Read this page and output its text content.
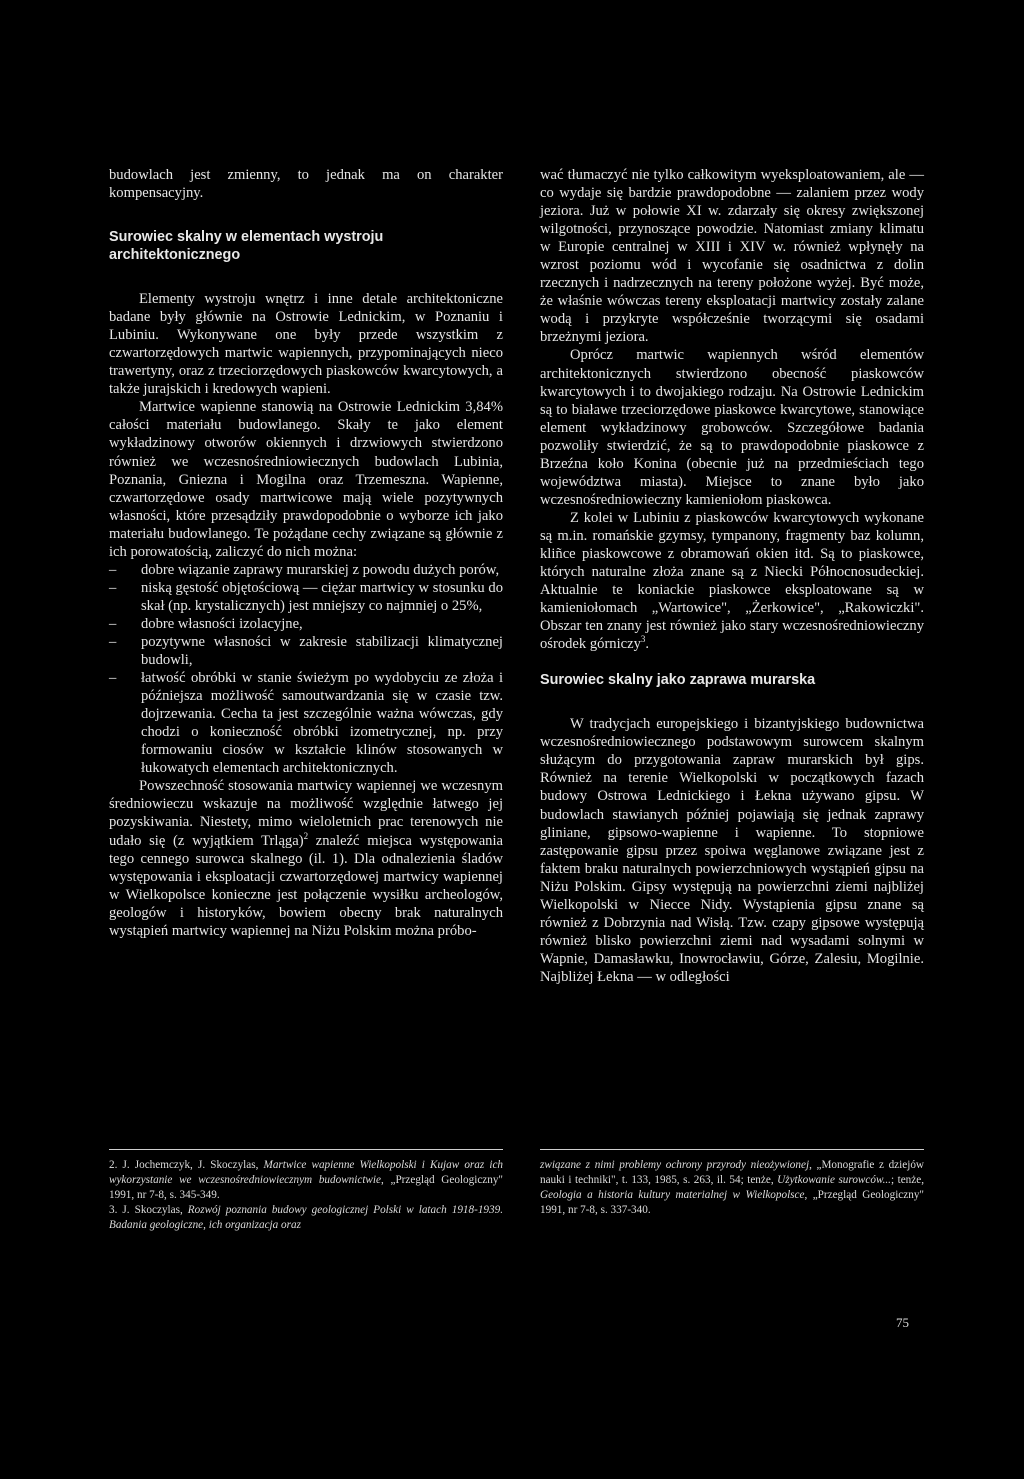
budowlach jest zmienny, to jednak ma on charakter kompensacyjny.

Surowiec skalny w elementach wystroju architektonicznego

Elementy wystroju wnętrz i inne detale architektoniczne badane były głównie na Ostrowie Lednickim, w Poznaniu i Lubiniu. Wykonywane one były przede wszystkim z czwartorzędowych martwic wapiennych, przypominających nieco trawertyny, oraz z trzeciorzędowych piaskowców kwarcytowych, a także jurajskich i kredowych wapieni.

Martwice wapienne stanowią na Ostrowie Lednickim 3,84% całości materiału budowlanego. Skały te jako element wykładzinowy otworów okiennych i drzwiowych stwierdzono również we wczesnośredniowiecznych budowlach Lubinia, Poznania, Gniezna i Mogilna oraz Trzemeszna. Wapienne, czwartorzędowe osady martwicowe mają wiele pozytywnych własności, które przesądziły prawdopodobnie o wyborze ich jako materiału budowlanego. Te pożądane cechy związane są głównie z ich porowatością, zaliczyć do nich można:

– dobre wiązanie zaprawy murarskiej z powodu dużych porów,
– niską gęstość objętościową — ciężar martwicy w stosunku do skał (np. krystalicznych) jest mniejszy co najmniej o 25%,
– dobre własności izolacyjne,
– pozytywne własności w zakresie stabilizacji klimatycznej budowli,
– łatwość obróbki w stanie świeżym po wydobyciu ze złoża i późniejsza możliwość samoutwardzania się w czasie tzw. dojrzewania. Cecha ta jest szczególnie ważna wówczas, gdy chodzi o konieczność obróbki izometrycznej, np. przy formowaniu ciosów w kształcie klinów stosowanych w łukowatych elementach architektonicznych.

Powszechność stosowania martwicy wapiennej we wczesnym średniowieczu wskazuje na możliwość względnie łatwego jej pozyskiwania. Niestety, mimo wieloletnich prac terenowych nie udało się (z wyjątkiem Trląga)$^2$ znaleźć miejsca występowania tego cennego surowca skalnego (il. 1). Dla odnalezienia śladów występowania i eksploatacji czwartorzędowej martwicy wapiennej w Wielkopolsce konieczne jest połączenie wysiłku archeologów, geologów i historyków, bowiem obecny brak naturalnych wystąpień martwicy wapiennej na Niżu Polskim można próbo-

wać tłumaczyć nie tylko całkowitym wyeksploatowaniem, ale — co wydaje się bardzie prawdopodobne — zalaniem przez wody jeziora. Już w połowie XI w. zdarzały się okresy zwiększonej wilgotności, przynoszące powodzie. Natomiast zmiany klimatu w Europie centralnej w XIII i XIV w. również wpłynęły na wzrost poziomu wód i wycofanie się osadnictwa z dolin rzecznych i nadrzecznych na tereny położone wyżej. Być może, że właśnie wówczas tereny eksploatacji martwicy zostały zalane wodą i przykryte współcześnie tworzącymi się osadami brzeżnymi jeziora.

Oprócz martwic wapiennych wśród elementów architektonicznych stwierdzono obecność piaskowców kwarcytowych i to dwojakiego rodzaju. Na Ostrowie Lednickim są to białawe trzeciorzędowe piaskowce kwarcytowe, stanowiące element wykładzinowy grobowców. Szczegółowe badania pozwoliły stwierdzić, że są to prawdopodobnie piaskowce z Brzeźna koło Konina (obecnie już na przedmieściach tego województwa miasta). Miejsce to znane było jako wczesnośredniowieczny kamieniołom piaskowca.

Z kolei w Lubiniu z piaskowców kwarcytowych wykonane są m.in. romańskie gzymsy, tympanony, fragmenty baz kolumn, kliñce piaskowcowe z obramowań okien itd. Są to piaskowce, których naturalne złoża znane są z Niecki Północnosudeckiej. Aktualnie te koniackie piaskowce eksploatowane są w kamieniołomach „Wartowice", „Żerkowice", „Rakowiczki". Obszar ten znany jest również jako stary wczesnośredniowieczny ośrodek górniczy$^3$.

Surowiec skalny jako zaprawa murarska

W tradycjach europejskiego i bizantyjskiego budownictwa wczesnośredniowiecznego podstawowym surowcem skalnym służącym do przygotowania zapraw murarskich był gips. Również na terenie Wielkopolski w początkowych fazach budowy Ostrowa Lednickiego i Łekna używano gipsu. W budowlach stawianych później pojawiają się jednak zaprawy gliniane, gipsowo-wapienne i wapienne. To stopniowe zastępowanie gipsu przez spoiwa węglanowe związane jest z faktem braku naturalnych powierzchniowych wystąpień gipsu na Niżu Polskim. Gipsy występują na powierzchni ziemi najbliżej Wielkopolski w Niecce Nidy. Wystąpienia gipsu znane są również z Dobrzynia nad Wisłą. Tzw. czapy gipsowe występują również blisko powierzchni ziemi nad wysadami solnymi w Wapnie, Damasławku, Inowrocławiu, Górze, Zalesiu, Mogilnie. Najbliżej Łekna — w odległości

2. J. Jochemczyk, J. Skoczylas, Martwice wapienne Wielkopolski i Kujaw oraz ich wykorzystanie we wczesnośredniowiecznym budownictwie, „Przegląd Geologiczny" 1991, nr 7-8, s. 345-349.

3. J. Skoczylas, Rozwój poznania budowy geologicznej Polski w latach 1918-1939. Badania geologiczne, ich organizacja oraz

związane z nimi problemy ochrony przyrody nieożywionej, „Monografie z dziejów nauki i techniki", t. 133, 1985, s. 263, il. 54; tenże, Użytkowanie surowców...; tenże, Geologia a historia kultury materialnej w Wielkopolsce, „Przegląd Geologiczny" 1991, nr 7-8, s. 337-340.

75
